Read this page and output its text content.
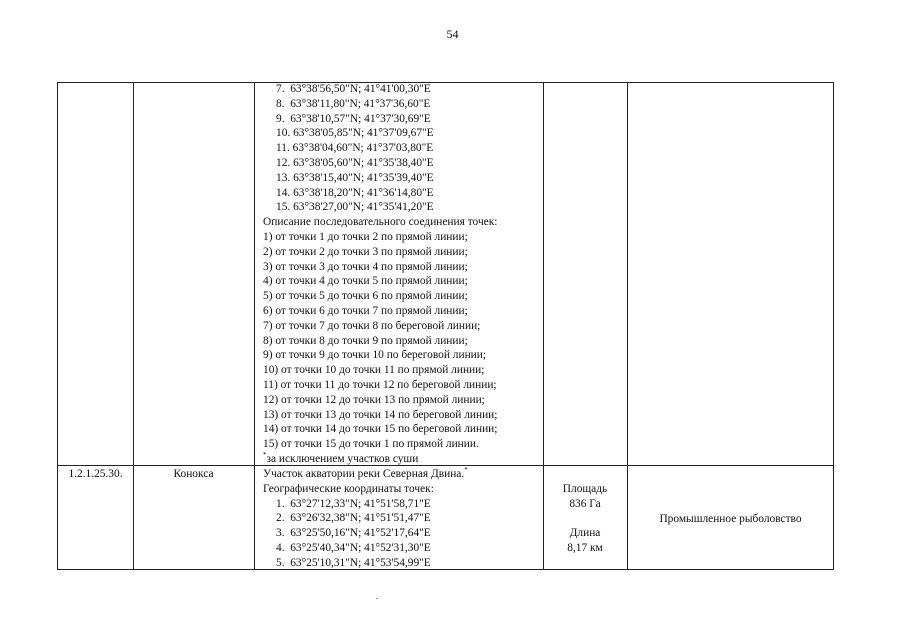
54
7.  63°38'56,50"N; 41°41'00,30"E
8.  63°38'11,80"N; 41°37'36,60"E
9.  63°38'10,57"N; 41°37'30,69"E
10. 63°38'05,85"N; 41°37'09,67"E
11. 63°38'04,60"N; 41°37'03,80"E
12. 63°38'05,60"N; 41°35'38,40"E
13. 63°38'15,40"N; 41°35'39,40"E
14. 63°38'18,20"N; 41°36'14,80"E
15. 63°38'27,00"N; 41°35'41,20"E
Описание последовательного соединения точек:
1) от точки 1 до точки 2 по прямой линии;
2) от точки 2 до точки 3 по прямой линии;
3) от точки 3 до точки 4 по прямой линии;
4) от точки 4 до точки 5 по прямой линии;
5) от точки 5 до точки 6 по прямой линии;
6) от точки 6 до точки 7 по прямой линии;
7) от точки 7 до точки 8 по береговой линии;
8) от точки 8 до точки 9 по прямой линии;
9) от точки 9 до точки 10 по береговой линии;
10) от точки 10 до точки 11 по прямой линии;
11) от точки 11 до точки 12 по береговой линии;
12) от точки 12 до точки 13 по прямой линии;
13) от точки 13 до точки 14 по береговой линии;
14) от точки 14 до точки 15 по береговой линии;
15) от точки 15 до точки 1 по прямой линии.
*за исключением участков суши
1.2.1.25.30.	Конокса	Участок акватории реки Северная Двина.*
Географические координаты точек:
1.  63°27'12,33"N; 41°51'58,71"E
2.  63°26'32,38"N; 41°51'51,47"E
3.  63°25'50,16"N; 41°52'17,64"E
4.  63°25'40,34"N; 41°52'31,30"E
5.  63°25'10,31"N; 41°53'54,99"E
Площадь
836 Га
Длина
8,17 км
Промышленное рыболовство
